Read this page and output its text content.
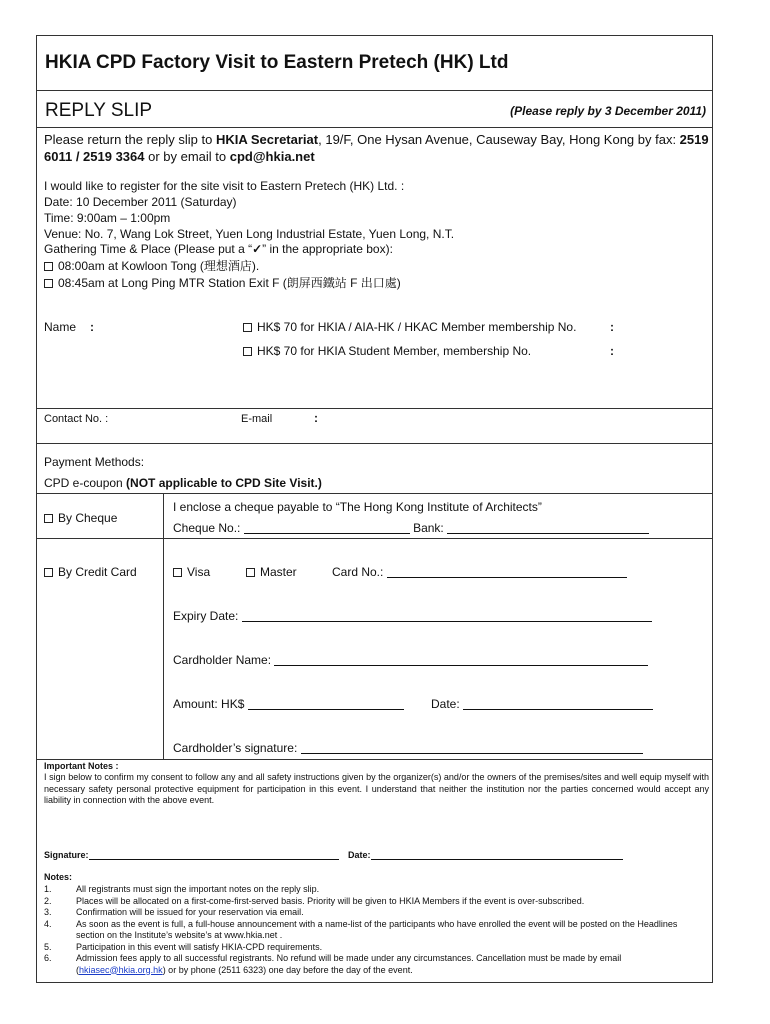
HKIA CPD Factory Visit to Eastern Pretech (HK) Ltd
REPLY SLIP	(Please reply by 3 December 2011)
Please return the reply slip to HKIA Secretariat, 19/F, One Hysan Avenue, Causeway Bay, Hong Kong by fax: 2519 6011 / 2519 3364 or by email to cpd@hkia.net
I would like to register for the site visit to Eastern Pretech (HK) Ltd. :
Date: 10 December 2011 (Saturday)
Time: 9:00am – 1:00pm
Venue: No. 7, Wang Lok Street, Yuen Long Industrial Estate, Yuen Long, N.T.
Gathering Time & Place (Please put a “✓” in the appropriate box):
08:00am at Kowloon Tong (理想酒店).
08:45am at Long Ping MTR Station Exit F (朗屏西鐵站 F 出口處)
Name :	HK$ 70 for HKIA / AIA-HK / HKAC Member membership No.	:
HK$ 70 for HKIA Student Member, membership No.	:
Contact No. :	E-mail	:
Payment Methods:
CPD e-coupon (NOT applicable to CPD Site Visit.)
By Cheque
I enclose a cheque payable to “The Hong Kong Institute of Architects”
Cheque No.:	Bank:
By Credit Card	Visa	Master	Card No.:
Expiry Date:
Cardholder Name:
Amount: HK$	Date:
Cardholder’s signature:
Important Notes :
I sign below to confirm my consent to follow any and all safety instructions given by the organizer(s) and/or the owners of the premises/sites and well equip myself with necessary safety personal protective equipment for participation in this event. I understand that neither the institution nor the parties concerned would accept any liability in connection with the above event.
Signature:	Date:
Notes:
1.	All registrants must sign the important notes on the reply slip.
2.	Places will be allocated on a first-come-first-served basis. Priority will be given to HKIA Members if the event is over-subscribed.
3.	Confirmation will be issued for your reservation via email.
4.	As soon as the event is full, a full-house announcement with a name-list of the participants who have enrolled the event will be posted on the Headlines section on the Institute’s website’s at www.hkia.net .
5.	Participation in this event will satisfy HKIA-CPD requirements.
6.	Admission fees apply to all successful registrants. No refund will be made under any circumstances. Cancellation must be made by email (hkiasec@hkia.org.hk) or by phone (2511 6323) one day before the day of the event.
